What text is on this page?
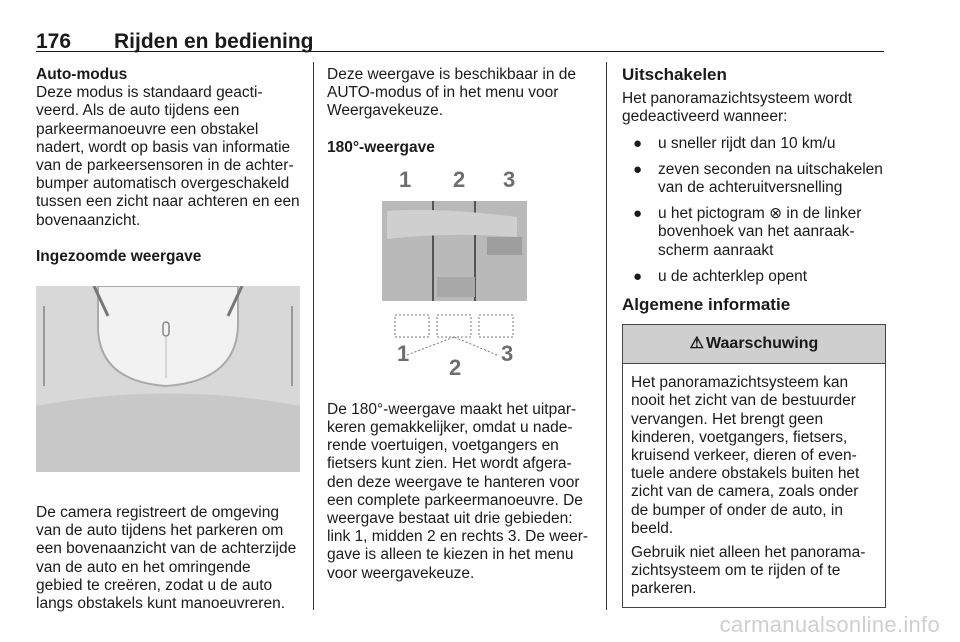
176 Rijden en bediening

Auto-modus

Deze modus is standaard geactiveerd. Als de auto tijdens een parkeermanoeuvre een obstakel nadert, wordt op basis van informatie van de parkeersensoren in de achterbumper automatisch overgeschakeld tussen een zicht naar achteren en een bovenaanzicht.

Ingezoomde weergave

De camera registreert de omgeving van de auto tijdens het parkeren om een bovenaanzicht van de achterzijde van de auto en het omringende gebied te creëren, zodat u de auto langs obstakels kunt manoeuvreren.

Deze weergave is beschikbaar in de AUTO-modus of in het menu voor Weergavekeuze.

180°-weergave

1 2 3
1
2
3

De 180°-weergave maakt het uitparkeren gemakkelijker, omdat u naderende voertuigen, voetgangers en fietsers kunt zien. Het wordt afgeraden deze weergave te hanteren voor een complete parkeermanoeuvre. De weergave bestaat uit drie gebieden: link 1, midden 2 en rechts 3. De weergave is alleen te kiezen in het menu voor weergavekeuze.

Uitschakelen

Het panoramazichtsysteem wordt gedeactiveerd wanneer:

● u sneller rijdt dan 10 km/u
● zeven seconden na uitschakelen van de achteruitversnelling
● u het pictogram ⊗ in de linker bovenhoek van het aanraakscherm aanraakt
● u de achterklep opent

Algemene informatie

⚠ Waarschuwing

Het panoramazichtsysteem kan nooit het zicht van de bestuurder vervangen. Het brengt geen kinderen, voetgangers, fietsers, kruisend verkeer, dieren of eventuele andere obstakels buiten het zicht van de camera, zoals onder de bumper of onder de auto, in beeld.

Gebruik niet alleen het panoramazichtsysteem om te rijden of te parkeren.

carmanualsonline.info
